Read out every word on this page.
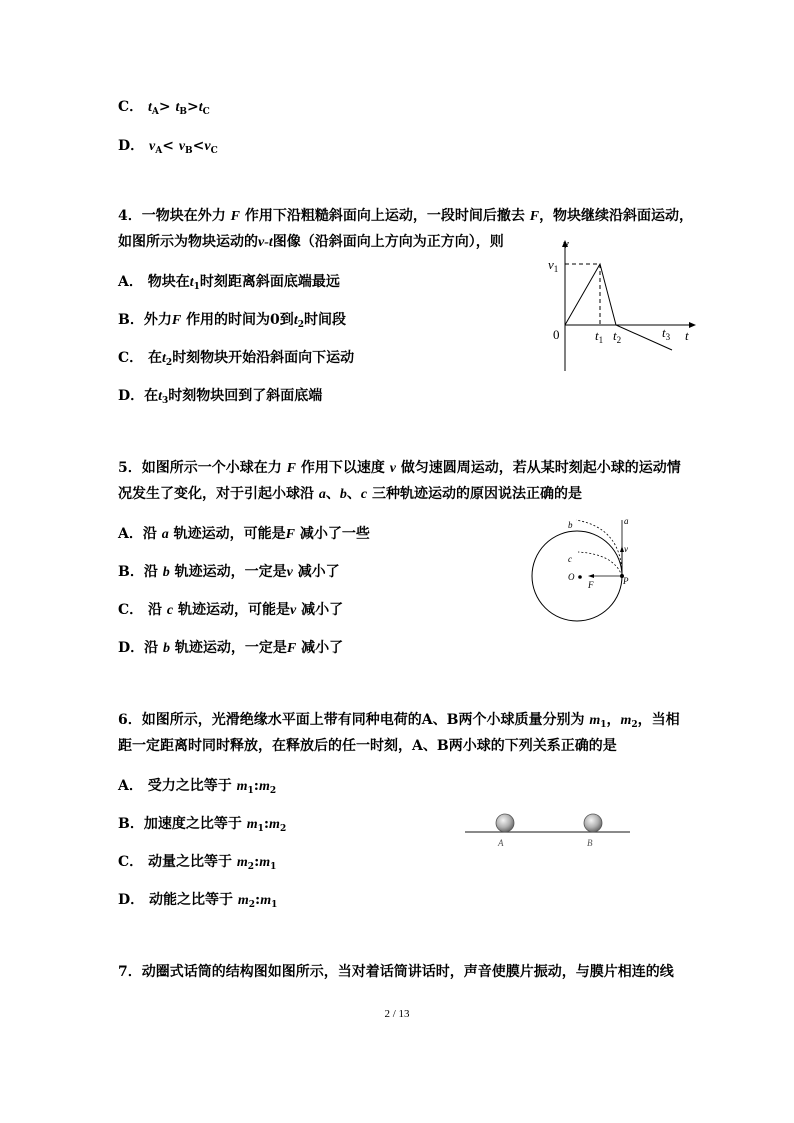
C． $t_A> t_B>t_C$
D． $v_A< v_B<v_C$
4．一物块在外力 F 作用下沿粗糙斜面向上运动，一段时间后撤去 F，物块继续沿斜面运动，
如图所示为物块运动的v-t图像（沿斜面向上方向为正方向），则
A． 物块在$t_1$时刻距离斜面底端最远
B．外力F 作用的时间为0到$t_2$时间段
C． 在$t_2$时刻物块开始沿斜面向下运动
D．在$t_3$时刻物块回到了斜面底端
v
$v_1$
0	$t_1$ $t_2$	$t_3$ t
5．如图所示一个小球在力 F 作用下以速度 v 做匀速圆周运动，若从某时刻起小球的运动情
况发生了变化，对于引起小球沿 a、b、c 三种轨迹运动的原因说法正确的是
A．沿 a 轨迹运动，可能是F 减小了一些
B．沿 b 轨迹运动，一定是v 减小了
C． 沿 c 轨迹运动，可能是v 减小了
D．沿 b 轨迹运动，一定是F 减小了
a
b
c
v
O
F	P
6．如图所示，光滑绝缘水平面上带有同种电荷的A、B两个小球质量分别为 $m_1$，$m_2$，当相
距一定距离时同时释放，在释放后的任一时刻，A、B两小球的下列关系正确的是
A． 受力之比等于 $m_1:m_2$
B．加速度之比等于 $m_1:m_2$
C． 动量之比等于 $m_2:m_1$
D． 动能之比等于 $m_2:m_1$
A	B
7．动圈式话筒的结构图如图所示，当对着话筒讲话时，声音使膜片振动，与膜片相连的线
2 / 13
